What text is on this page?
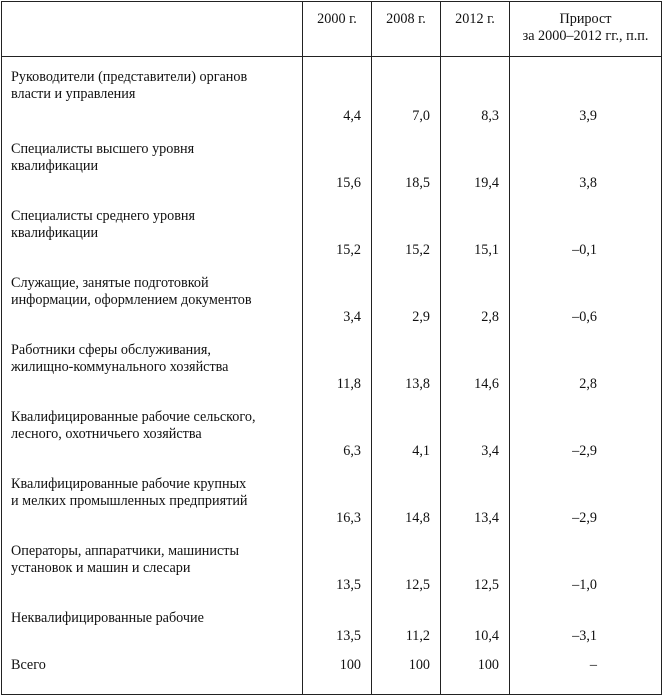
	2000 г.	2008 г.	2012 г.	Прирост
за 2000–2012 гг., п.п.

Руководители (представители) органов
власти и управления	4,4	7,0	8,3	3,9

Специалисты высшего уровня
квалификации	15,6	18,5	19,4	3,8

Специалисты среднего уровня
квалификации	15,2	15,2	15,1	–0,1

Служащие, занятые подготовкой
информации, оформлением документов	3,4	2,9	2,8	–0,6

Работники сферы обслуживания,
жилищно-коммунального хозяйства	11,8	13,8	14,6	2,8

Квалифицированные рабочие сельского,
лесного, охотничьего хозяйства	6,3	4,1	3,4	–2,9

Квалифицированные рабочие крупных
и мелких промышленных предприятий	16,3	14,8	13,4	–2,9

Операторы, аппаратчики, машинисты
установок и машин и слесари	13,5	12,5	12,5	–1,0

Неквалифицированные рабочие	13,5	11,2	10,4	–3,1

Всего	100	100	100	–
